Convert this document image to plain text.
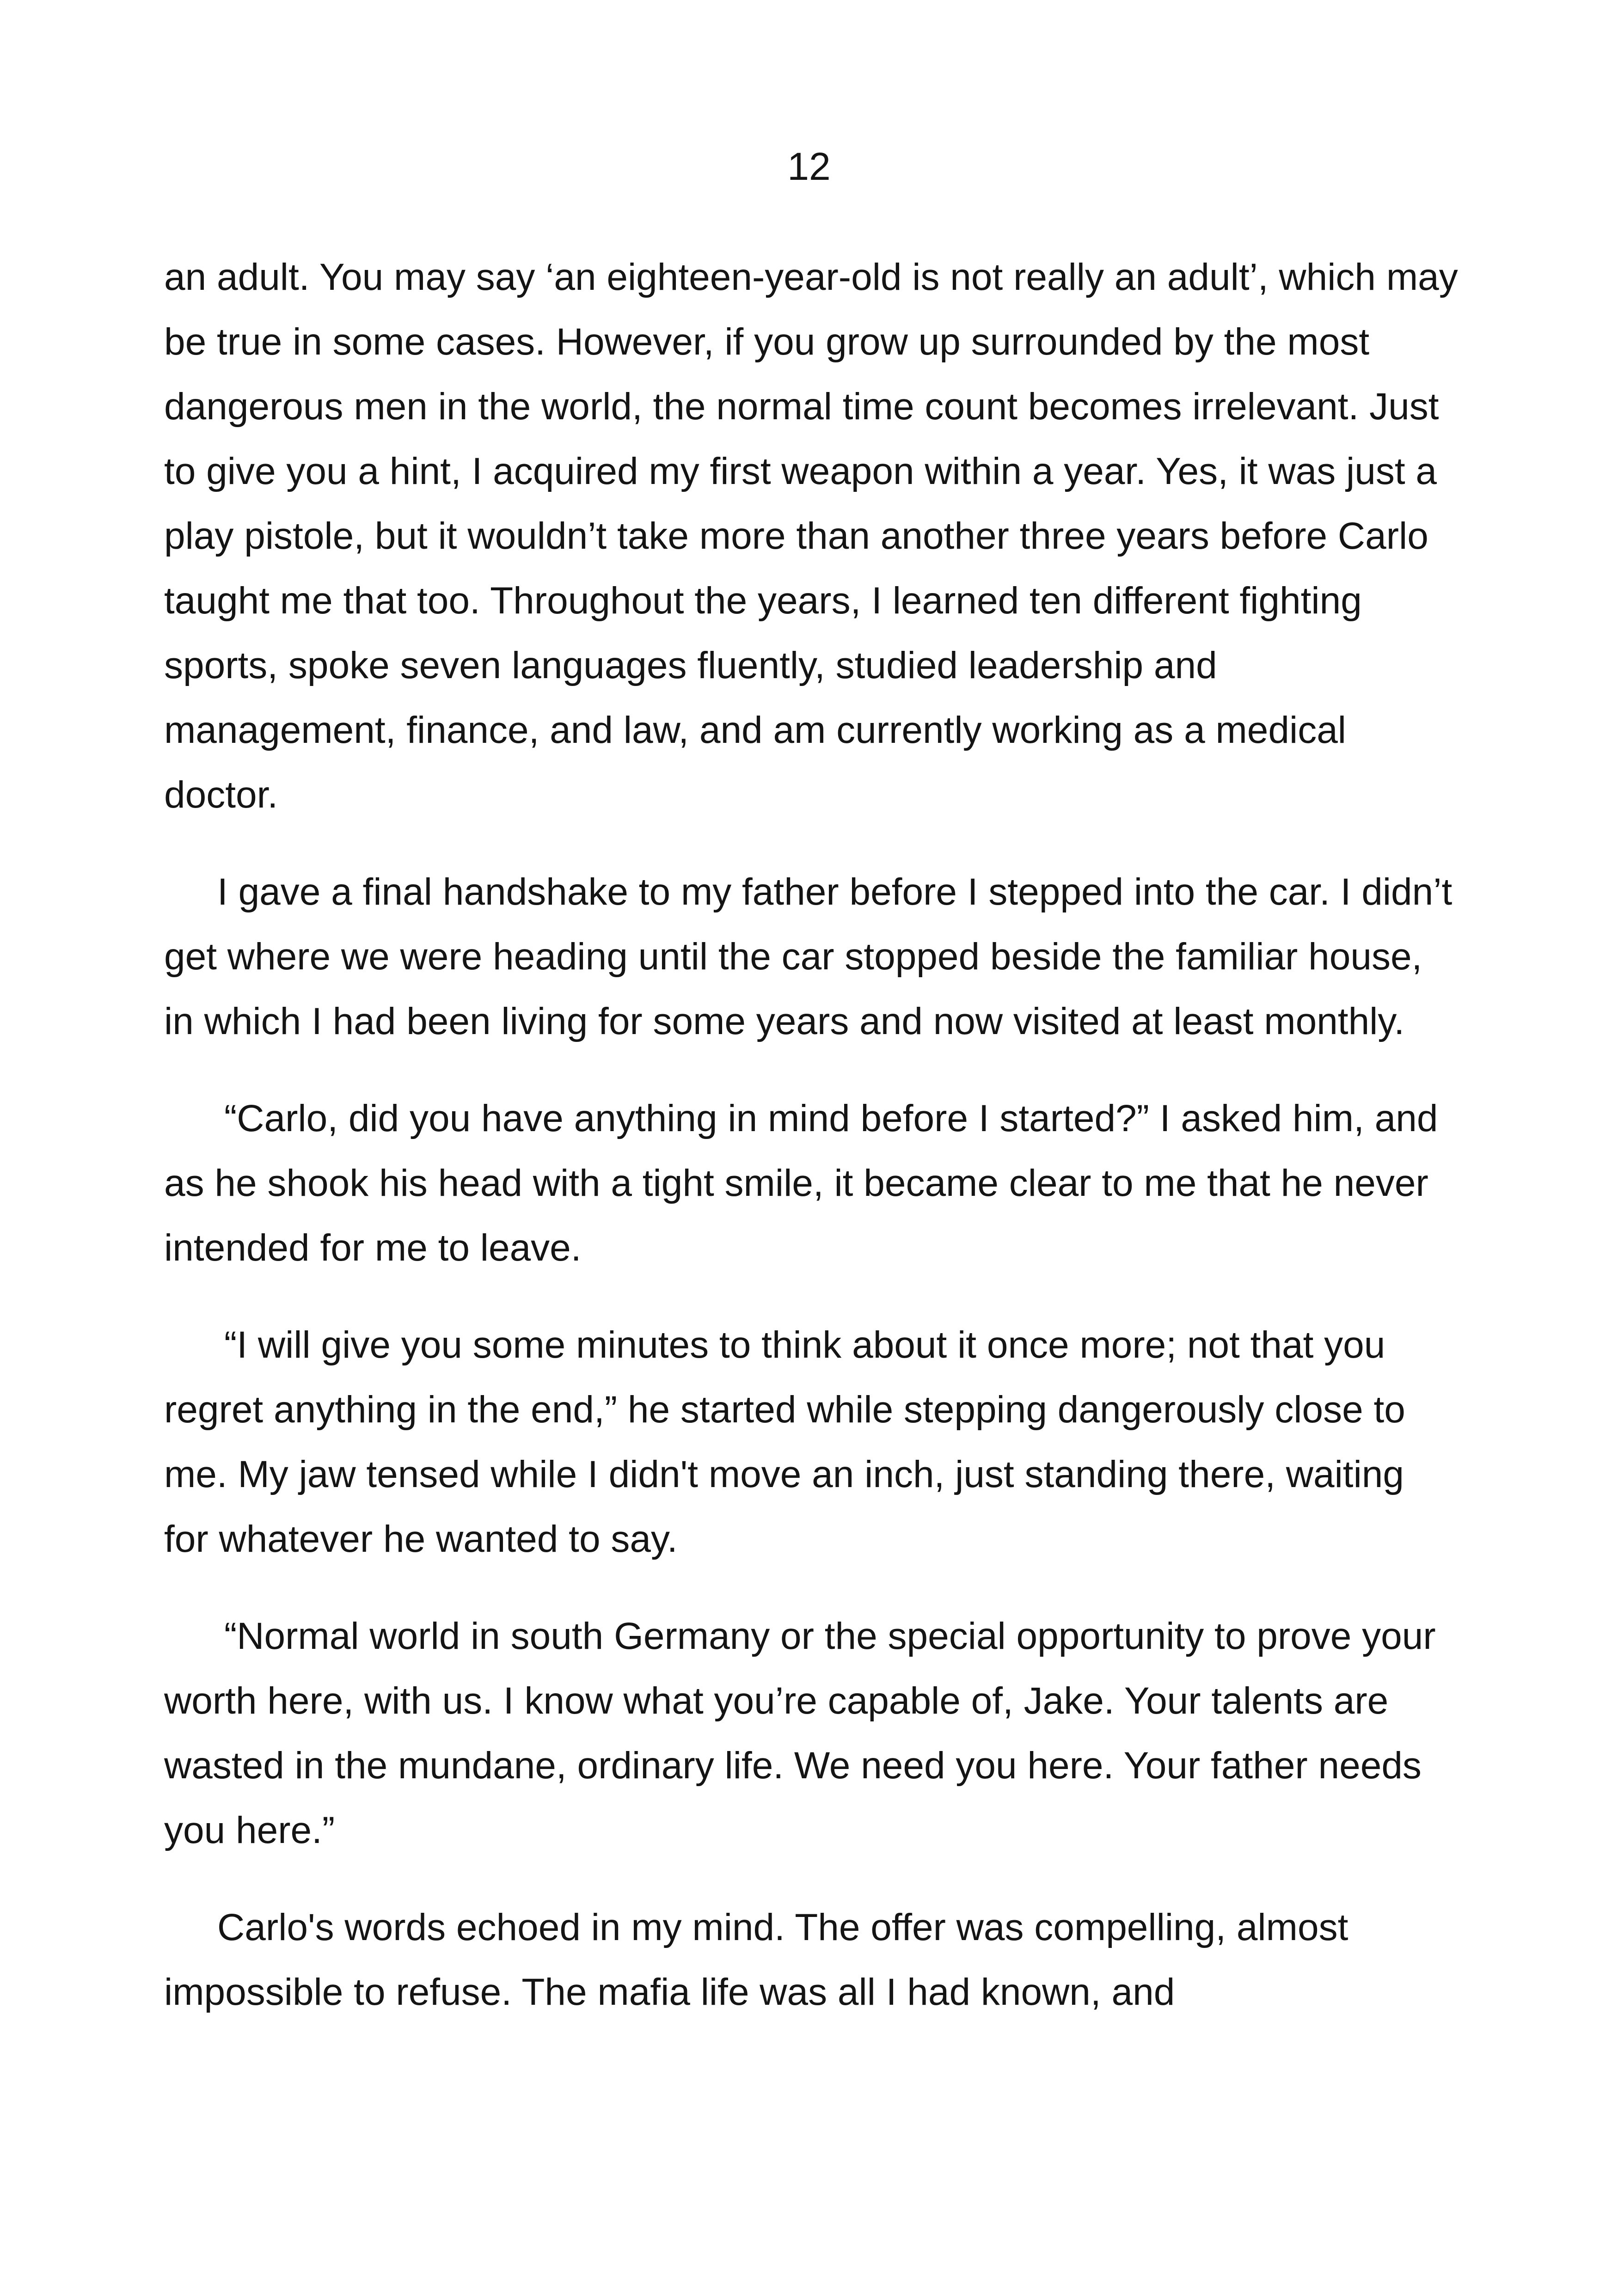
12

an adult. You may say ‘an eighteen-year-old is not really an adult’, which may be true in some cases. However, if you grow up surrounded by the most dangerous men in the world, the normal time count becomes irrelevant. Just to give you a hint, I acquired my first weapon within a year. Yes, it was just a play pistole, but it wouldn’t take more than another three years before Carlo taught me that too. Throughout the years, I learned ten different fighting sports, spoke seven languages fluently, studied leadership and management, finance, and law, and am currently working as a medical doctor.

I gave a final handshake to my father before I stepped into the car. I didn’t get where we were heading until the car stopped beside the familiar house, in which I had been living for some years and now visited at least monthly.

“Carlo, did you have anything in mind before I started?” I asked him, and as he shook his head with a tight smile, it became clear to me that he never intended for me to leave.

“I will give you some minutes to think about it once more; not that you regret anything in the end,” he started while stepping dangerously close to me. My jaw tensed while I didn't move an inch, just standing there, waiting for whatever he wanted to say.

“Normal world in south Germany or the special opportunity to prove your worth here, with us. I know what you’re capable of, Jake. Your talents are wasted in the mundane, ordinary life. We need you here. Your father needs you here.”

Carlo's words echoed in my mind. The offer was compelling, almost impossible to refuse. The mafia life was all I had known, and
